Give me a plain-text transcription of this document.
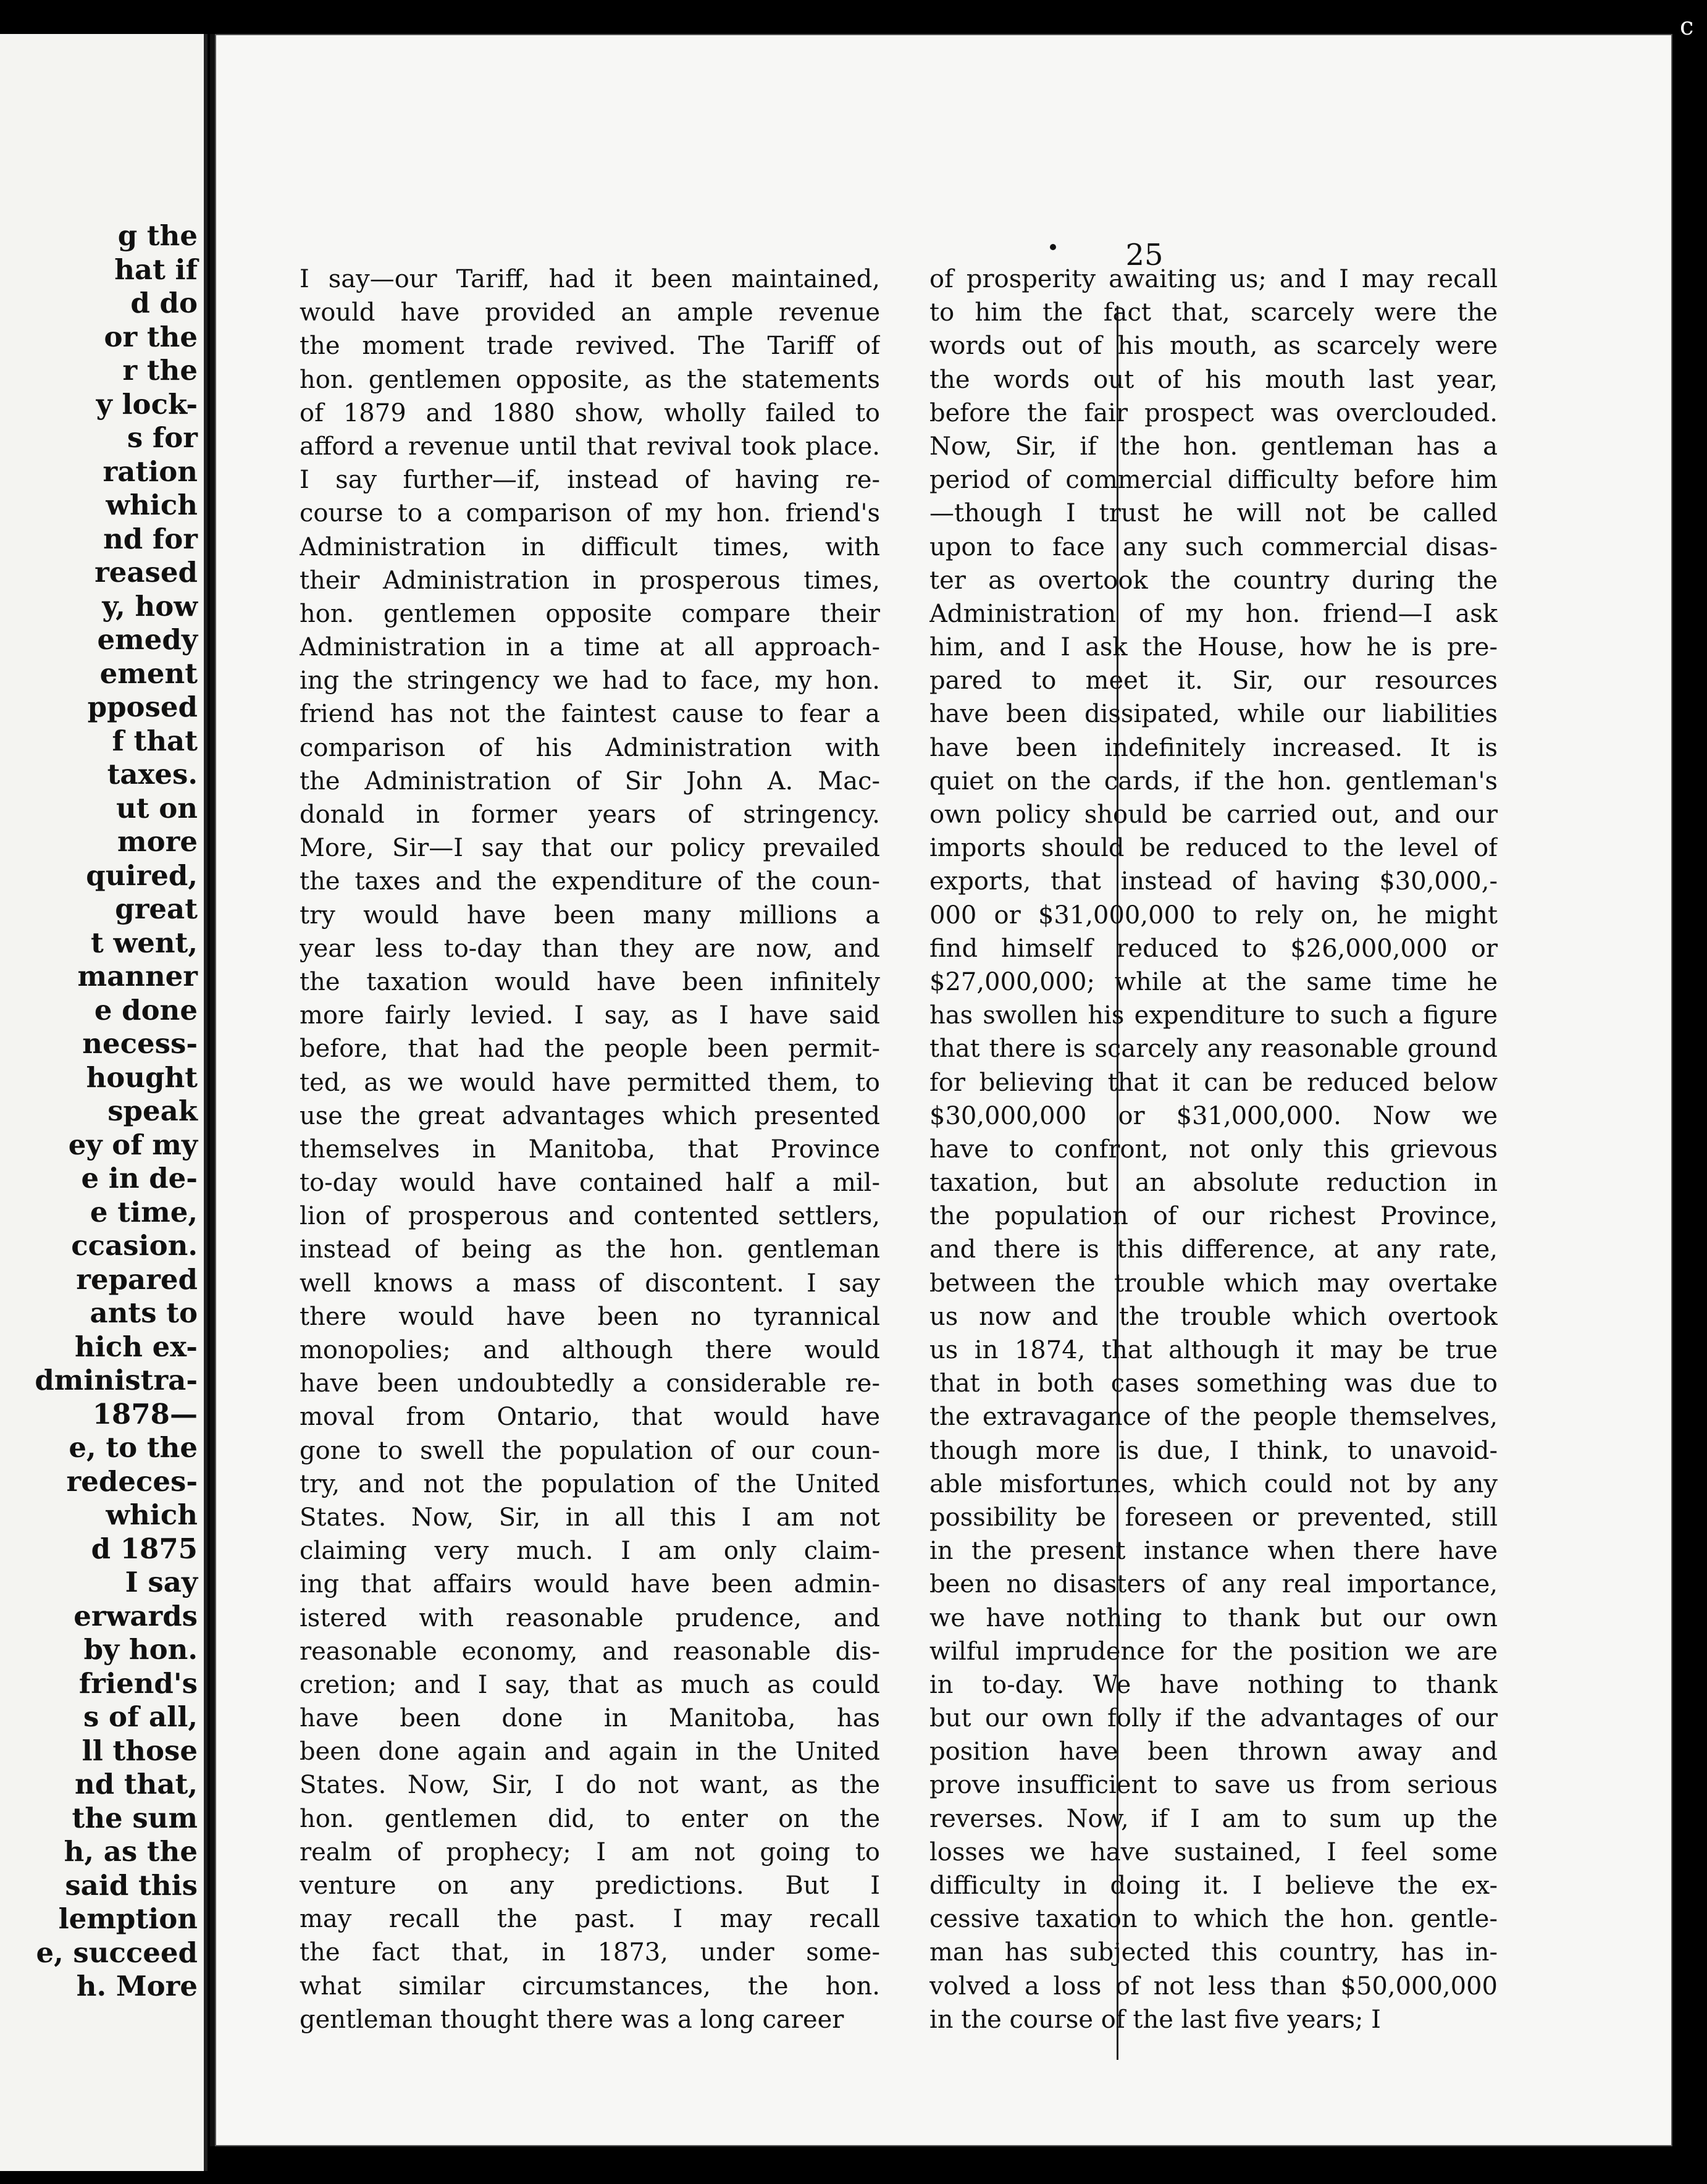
g the
hat if
d do
or the
r the
y lock-
s for
ration
which
nd for
reased
y, how
emedy
ement
pposed
f that
taxes.
ut on
more
quired,
great
t went,
manner
e done
necess-
hought
speak
ey of my
e in de-
e time,
ccasion.
repared
ants to
hich ex-
dministra-
1878—
e, to the
redeces-
which
d 1875
I say
erwards
by hon.
friend's
s of all,
ll those
nd that,
the sum
h, as the
said this
lemption
e, succeed
h. More
25
I say—our Tariff, had it been maintained,
would have provided an ample revenue
the moment trade revived. The Tariff of
hon. gentlemen opposite, as the statements
of 1879 and 1880 show, wholly failed to
afford a revenue until that revival took place.
I say further—if, instead of having re-
course to a comparison of my hon. friend's
Administration in difficult times, with
their Administration in prosperous times,
hon. gentlemen opposite compare their
Administration in a time at all approach-
ing the stringency we had to face, my hon.
friend has not the faintest cause to fear a
comparison of his Administration with
the Administration of Sir John A. Mac-
donald in former years of stringency.
More, Sir—I say that our policy prevailed
the taxes and the expenditure of the coun-
try would have been many millions a
year less to-day than they are now, and
the taxation would have been infinitely
more fairly levied. I say, as I have said
before, that had the people been permit-
ted, as we would have permitted them, to
use the great advantages which presented
themselves in Manitoba, that Province
to-day would have contained half a mil-
lion of prosperous and contented settlers,
instead of being as the hon. gentleman
well knows a mass of discontent. I say
there would have been no tyrannical
monopolies; and although there would
have been undoubtedly a considerable re-
moval from Ontario, that would have
gone to swell the population of our coun-
try, and not the population of the United
States. Now, Sir, in all this I am not
claiming very much. I am only claim-
ing that affairs would have been admin-
istered with reasonable prudence, and
reasonable economy, and reasonable dis-
cretion; and I say, that as much as could
have been done in Manitoba, has
been done again and again in the United
States. Now, Sir, I do not want, as the
hon. gentlemen did, to enter on the
realm of prophecy; I am not going to
venture on any predictions. But I
may recall the past. I may recall
the fact that, in 1873, under some-
what similar circumstances, the hon.
gentleman thought there was a long career
of prosperity awaiting us; and I may recall
to him the fact that, scarcely were the
words out of his mouth, as scarcely were
the words out of his mouth last year,
before the fair prospect was overclouded.
Now, Sir, if the hon. gentleman has a
period of commercial difficulty before him
—though I trust he will not be called
upon to face any such commercial disas-
ter as overtook the country during the
Administration of my hon. friend—I ask
him, and I ask the House, how he is pre-
pared to meet it. Sir, our resources
have been dissipated, while our liabilities
have been indefinitely increased. It is
quiet on the cards, if the hon. gentleman's
own policy should be carried out, and our
imports should be reduced to the level of
exports, that instead of having $30,000,-
000 or $31,000,000 to rely on, he might
find himself reduced to $26,000,000 or
$27,000,000; while at the same time he
has swollen his expenditure to such a figure
that there is scarcely any reasonable ground
for believing that it can be reduced below
$30,000,000 or $31,000,000. Now we
have to confront, not only this grievous
taxation, but an absolute reduction in
the population of our richest Province,
and there is this difference, at any rate,
between the trouble which may overtake
us now and the trouble which overtook
us in 1874, that although it may be true
that in both cases something was due to
the extravagance of the people themselves,
though more is due, I think, to unavoid-
able misfortunes, which could not by any
possibility be foreseen or prevented, still
in the present instance when there have
been no disasters of any real importance,
we have nothing to thank but our own
wilful imprudence for the position we are
in to-day. We have nothing to thank
but our own folly if the advantages of our
position have been thrown away and
prove insufficient to save us from serious
reverses. Now, if I am to sum up the
losses we have sustained, I feel some
difficulty in doing it. I believe the ex-
cessive taxation to which the hon. gentle-
man has subjected this country, has in-
volved a loss of not less than $50,000,000
in the course of the last five years; I
c
